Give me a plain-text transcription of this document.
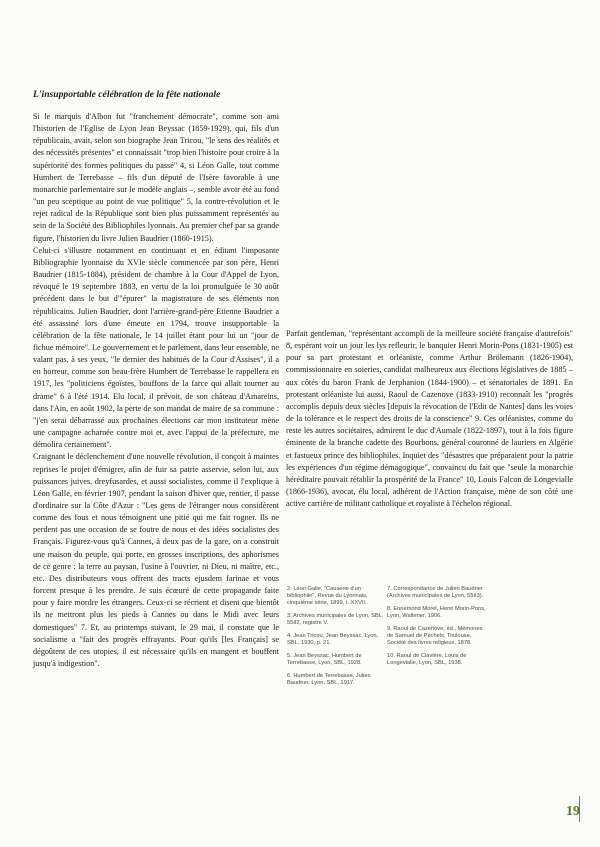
L'insupportable célébration de la fête nationale

Si le marquis d'Albon fut "franchement démocrate", comme son ami l'historien de l'Eglise de Lyon Jean Beyssac (1859-1929), qui, fils d'un républicain, avait, selon son biographe Jean Tricou, "le sens des réalités et des nécessités présentes" et connaissait "trop bien l'histoire pour croire à la supériorité des formes politiques du passé" 4, si Léon Galle, tout comme Humbert de Terrebasse – fils d'un député de l'Isère favorable à une monarchie parlementaire sur le modèle anglais –, semble avoir été au fond "un peu sceptique au point de vue politique" 5, la contre-révolution et le rejet radical de la République sont bien plus puissamment représentés au sein de la Société des Bibliophiles lyonnais. Au premier chef par sa grande figure, l'historien du livre Julien Baudrier (1860-1915).

Celui-ci s'illustre notamment en continuant et en éditant l'imposante Bibliographie lyonnaise du XVIe siècle commencée par son père, Henri Baudrier (1815-1884), président de chambre à la Cour d'Appel de Lyon, révoqué le 19 septembre 1883, en vertu de la loi promulguée le 30 août précédent dans le but d'"épurer" la magistrature de ses éléments non républicains. Julien Baudrier, dont l'arrière-grand-père Etienne Baudrier a été assassiné lors d'une émeute en 1794, trouve insupportable la célébration de la fête nationale, le 14 juillet étant pour lui un "jour de fichue mémoire". Le gouvernement et le parlement, dans leur ensemble, ne valant pas, à ses yeux, "le dernier des habitués de la Cour d'Assises", il a en horreur, comme son beau-frère Humbert de Terrebasse le rappellera en 1917, les "politiciens égoïstes, bouffons de la farce qui allait tourner au drame" 6 à l'été 1914. Elu local, il prévoit, de son château d'Amareins, dans l'Ain, en août 1902, la perte de son mandat de maire de sa commune : "j'en serai débarrassé aux prochaines élections car mon instituteur mène une campagne acharnée contre moi et, avec l'appui de la préfecture, me démolira certainement".

Craignant le déclenchement d'une nouvelle révolution, il conçoit à maintes reprises le projet d'émigrer, afin de fuir sa patrie asservie, selon lui, aux puissances juives, dreyfusardes, et aussi socialistes, comme il l'explique à Léon Galle, en février 1907, pendant la saison d'hiver que, rentier, il passe d'ordinaire sur la Côte d'Azur : "Les gens de l'étranger nous considèrent comme des fous et nous témoignent une pitié qui me fait rogner. Ils ne perdent pas une occasion de se foutre de nous et des idées socialistes des Français. Figurez-vous qu'à Cannes, à deux pas de la gare, on a construit une maison du peuple, qui porte, en grosses inscriptions, des aphorismes de ce genre : la terre au paysan, l'usine à l'ouvrier, ni Dieu, ni maître, etc., etc. Des distributeurs vous offrent des tracts ejusdem farinae et vous forcent presque à les prendre. Je suis écœuré de cette propagande faite pour y faire mordre les étrangers. Ceux-ci se récrient et disent que bientôt ils ne mettront plus les pieds à Cannes ou dans le Midi avec leurs domestiques" 7. Et, au printemps suivant, le 29 mai, il constate que le socialisme a "fait des progrès effrayants. Pour qu'ils [les Français] se dégoûtent de ces utopies, il est nécessaire qu'ils en mangent et bouffent jusqu'à indigestion".

Parfait gentleman, "représentant accompli de la meilleure société française d'autrefois" 8, espérant voir un jour les lys refleurir, le banquier Henri Morin-Pons (1831-1905) est pour sa part protestant et orléaniste, comme Arthur Brölemann (1826-1904), commissionnaire en soieries, candidat malheureux aux élections législatives de 1885 – aux côtés du baron Frank de Jerphanion (1844-1900) – et sénatoriales de 1891. En protestant orléaniste lui aussi, Raoul de Cazenove (1833-1910) reconnaît les "progrès accomplis depuis deux siècles [depuis la révocation de l'Edit de Nantes] dans les voies de la tolérance et le respect des droits de la conscience" 9. Ces orléanistes, comme du reste les autres sociétaires, admirent le duc d'Aumale (1822-1897), tout à la fois figure éminente de la branche cadette des Bourbons, général couronné de lauriers en Algérie et fastueux prince des bibliophiles. Inquiet des "désastres que préparaient pour la patrie les expériences d'un régime démagogique", convaincu du fait que "seule la monarchie héréditaire pouvait rétablir la prospérité de la France" 10, Louis Falcon de Longevialle (1866-1936), avocat, élu local, adhérent de l'Action française, mène de son côté une active carrière de militant catholique et royaliste à l'échelon régional.

2. Léon Galle, "Causerie d'un bibliophile", Revue du Lyonnais, cinquième série, 1899, t. XXVII.

3. Archives municipales de Lyon, SBL, 55II2, registre V.

4. Jean Tricou, Jean Beyssac, Lyon, SBL, 1930, p. 21.

5. Jean Beyssac, Humbert de Terrebasse, Lyon, SBL, 1928.

6. Humbert de Terrebasse, Julien Baudrier, Lyon, SBL, 1917.

7. Correspondance de Julien Baudrier (Archives municipales de Lyon, 55II3).

8. Ennemond Morel, Henri Morin-Pons, Lyon, Waltener, 1906.

9. Raoul de Cazenove, éd., Mémoires de Samuel de Péchels, Toulouse, Société des livres religieux, 1878.

10. Raoul de Clavière, Louis de Longevialle, Lyon, SBL, 1938.

19
